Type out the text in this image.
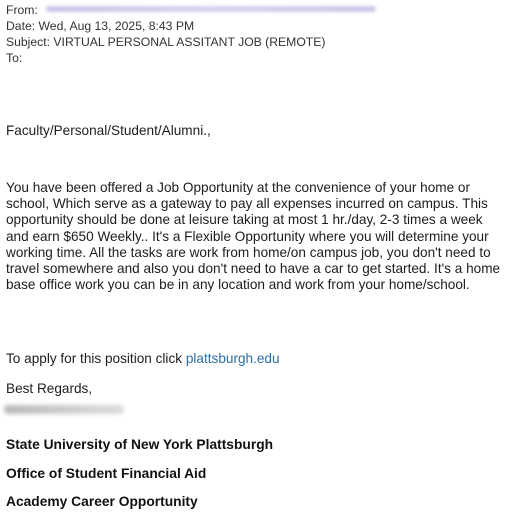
From:
Date: Wed, Aug 13, 2025, 8:43 PM
Subject: VIRTUAL PERSONAL ASSITANT JOB (REMOTE)
To:
Faculty/Personal/Student/Alumni.,
You have been offered a Job Opportunity at the convenience of your home or school, Which serve as a gateway to pay all expenses incurred on campus. This opportunity should be done at leisure taking at most 1 hr./day, 2-3 times a week and earn $650 Weekly.. It's a Flexible Opportunity where you will determine your working time. All the tasks are work from home/on campus job, you don't need to travel somewhere and also you don't need to have a car to get started. It's a home base office work you can be in any location and work from your home/school.
To apply for this position click plattsburgh.edu
Best Regards,
State University of New York Plattsburgh
Office of Student Financial Aid
Academy Career Opportunity
